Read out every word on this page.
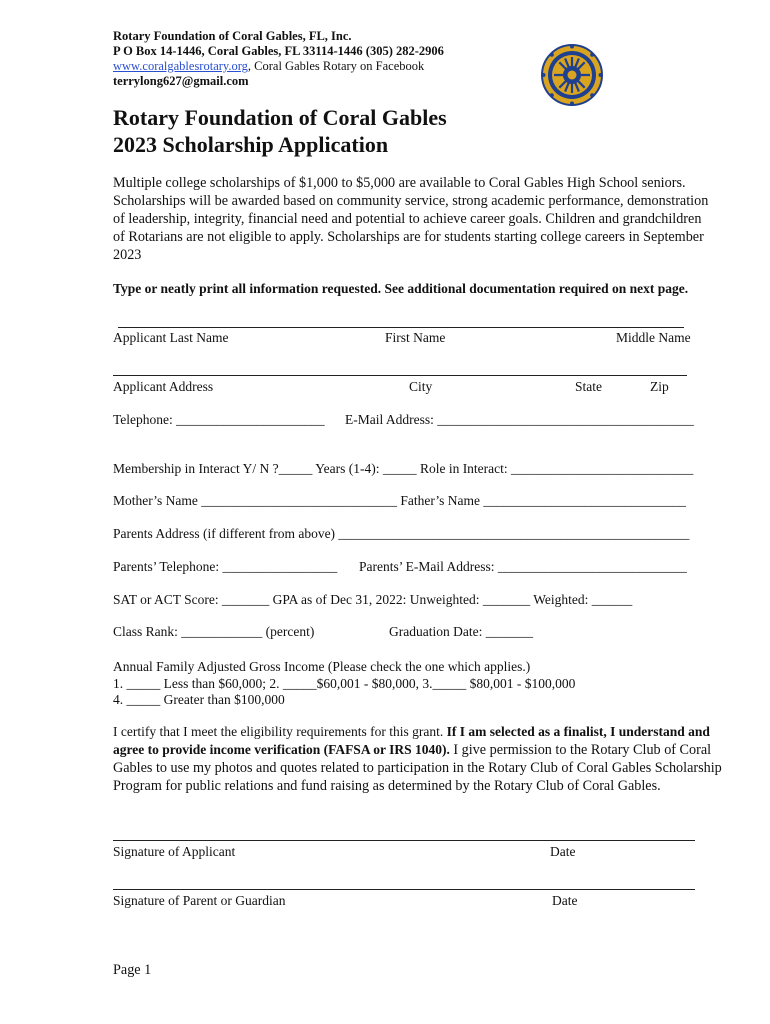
Rotary Foundation of Coral Gables, FL, Inc.
P O Box 14-1446, Coral Gables, FL 33114-1446 (305) 282-2906
www.coralgablesrotary.org, Coral Gables Rotary on Facebook
terrylong627@gmail.com
Rotary Foundation of Coral Gables
2023 Scholarship Application
Multiple college scholarships of $1,000 to $5,000 are available to Coral Gables High School seniors. Scholarships will be awarded based on community service, strong academic performance, demonstration of leadership, integrity, financial need and potential to achieve career goals. Children and grandchildren of Rotarians are not eligible to apply. Scholarships are for students starting college careers in September 2023
Type or neatly print all information requested. See additional documentation required on next page.
Applicant Last Name	First Name	Middle Name
Applicant Address	City	State	Zip
Telephone: ______________________ E-Mail Address: ______________________________________
Membership in Interact Y/ N ?_____ Years (1-4): _____ Role in Interact: ___________________________
Mother’s Name _____________________________ Father’s Name ______________________________
Parents Address (if different from above) ____________________________________________________
Parents’ Telephone: _________________ Parents’ E-Mail Address: ____________________________
SAT or ACT Score: _______ GPA as of Dec 31, 2022: Unweighted: _______ Weighted: ______
Class Rank: ____________ (percent)	Graduation Date: _______
Annual Family Adjusted Gross Income (Please check the one which applies.)
1. _____ Less than $60,000; 2. _____$60,001 - $80,000, 3._____ $80,001 - $100,000
4. _____ Greater than $100,000
I certify that I meet the eligibility requirements for this grant. If I am selected as a finalist, I understand and agree to provide income verification (FAFSA or IRS 1040). I give permission to the Rotary Club of Coral Gables to use my photos and quotes related to participation in the Rotary Club of Coral Gables Scholarship Program for public relations and fund raising as determined by the Rotary Club of Coral Gables.
Signature of Applicant	Date
Signature of Parent or Guardian	Date
Page 1
